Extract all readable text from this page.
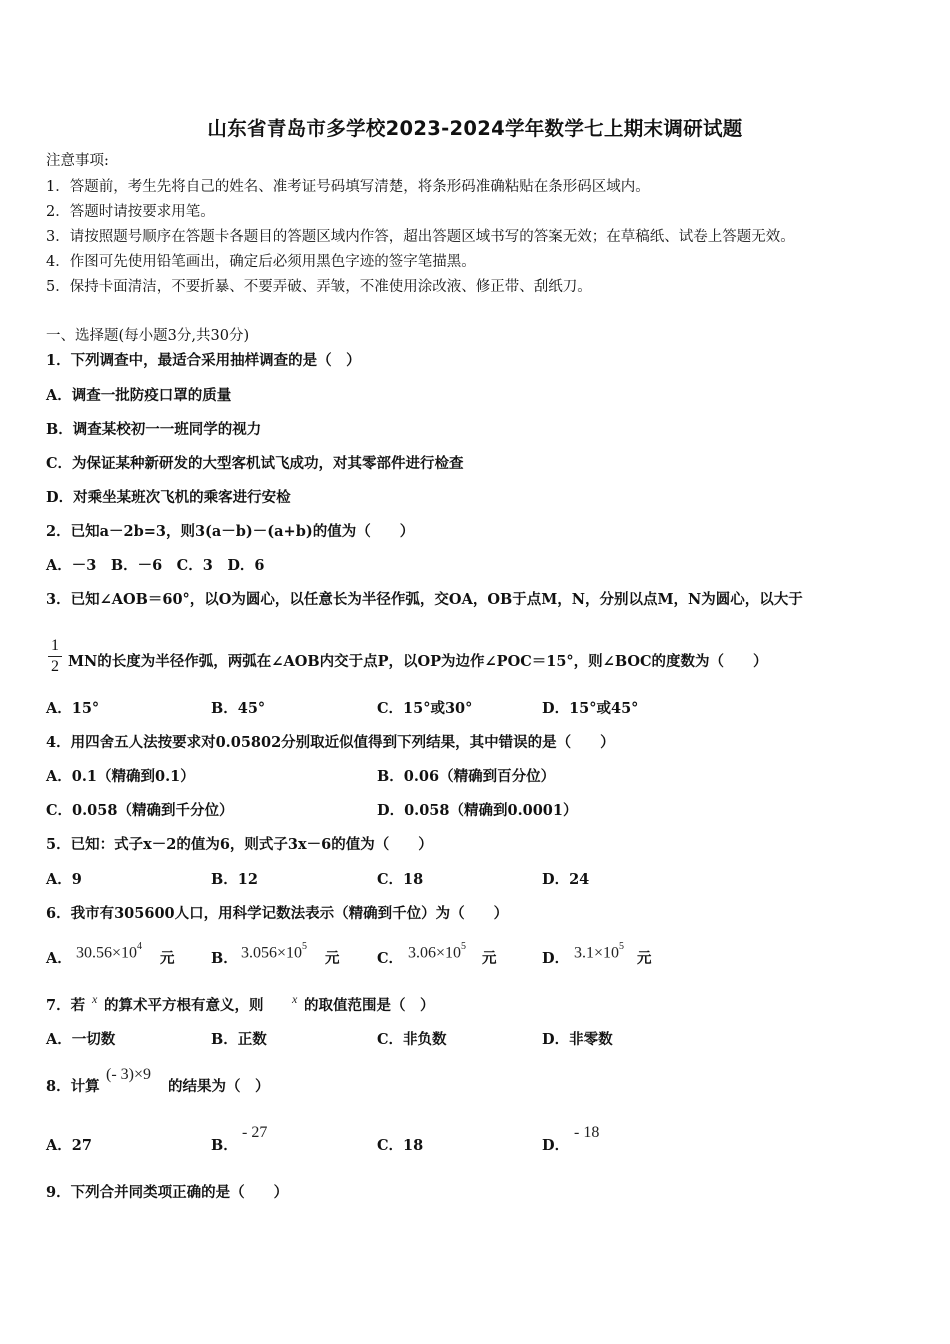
山东省青岛市多学校2023-2024学年数学七上期末调研试题
注意事项:
1．答题前，考生先将自己的姓名、准考证号码填写清楚，将条形码准确粘贴在条形码区域内。
2．答题时请按要求用笔。
3．请按照题号顺序在答题卡各题目的答题区域内作答，超出答题区域书写的答案无效；在草稿纸、试卷上答题无效。
4．作图可先使用铅笔画出，确定后必须用黑色字迹的签字笔描黑。
5．保持卡面清洁，不要折暴、不要弄破、弄皱，不准使用涂改液、修正带、刮纸刀。
一、选择题(每小题3分,共30分)
1．下列调查中，最适合采用抽样调查的是（　）
A．调查一批防疫口罩的质量
B．调查某校初一一班同学的视力
C．为保证某种新研发的大型客机试飞成功，对其零部件进行检查
D．对乘坐某班次飞机的乘客进行安检
2．已知a－2b=3，则3(a－b)－(a+b)的值为（　　）
A．－3　B．－6　C．3　D．6
3．已知∠AOB＝60°，以O为圆心，以任意长为半径作弧，交OA，OB于点M，N，分别以点M，N为圆心，以大于
1
2 MN的长度为半径作弧，两弧在∠AOB内交于点P，以OP为边作∠POC＝15°，则∠BOC的度数为（　　）
A．15°	B．45°	C．15°或30°	D．15°或45°
4．用四舍五人法按要求对0.05802分别取近似值得到下列结果，其中错误的是（　　）
A．0.1（精确到0.1）	B．0.06（精确到百分位）
C．0.058（精确到千分位）	D．0.058（精确到0.0001）
5．已知：式子x－2的值为6，则式子3x－6的值为（　　）
A．9	B．12	C．18	D．24
6．我市有305600人口，用科学记数法表示（精确到千位）为（　　）
A． $30.56\times 10^4$
元	B． $3.056\times 10^5$
元	C． $3.06\times 10^5$
元	D． $3.1\times 10^5$
元
7．若 x 的算术平方根有意义，则 x 的取值范围是（　）
A．一切数	B．正数	C．非负数	D．非零数
8．计算
(- 3)×9
的结果为（　）
A．27	B．
- 27
C．18	D．
- 18
9．下列合并同类项正确的是（　　）
